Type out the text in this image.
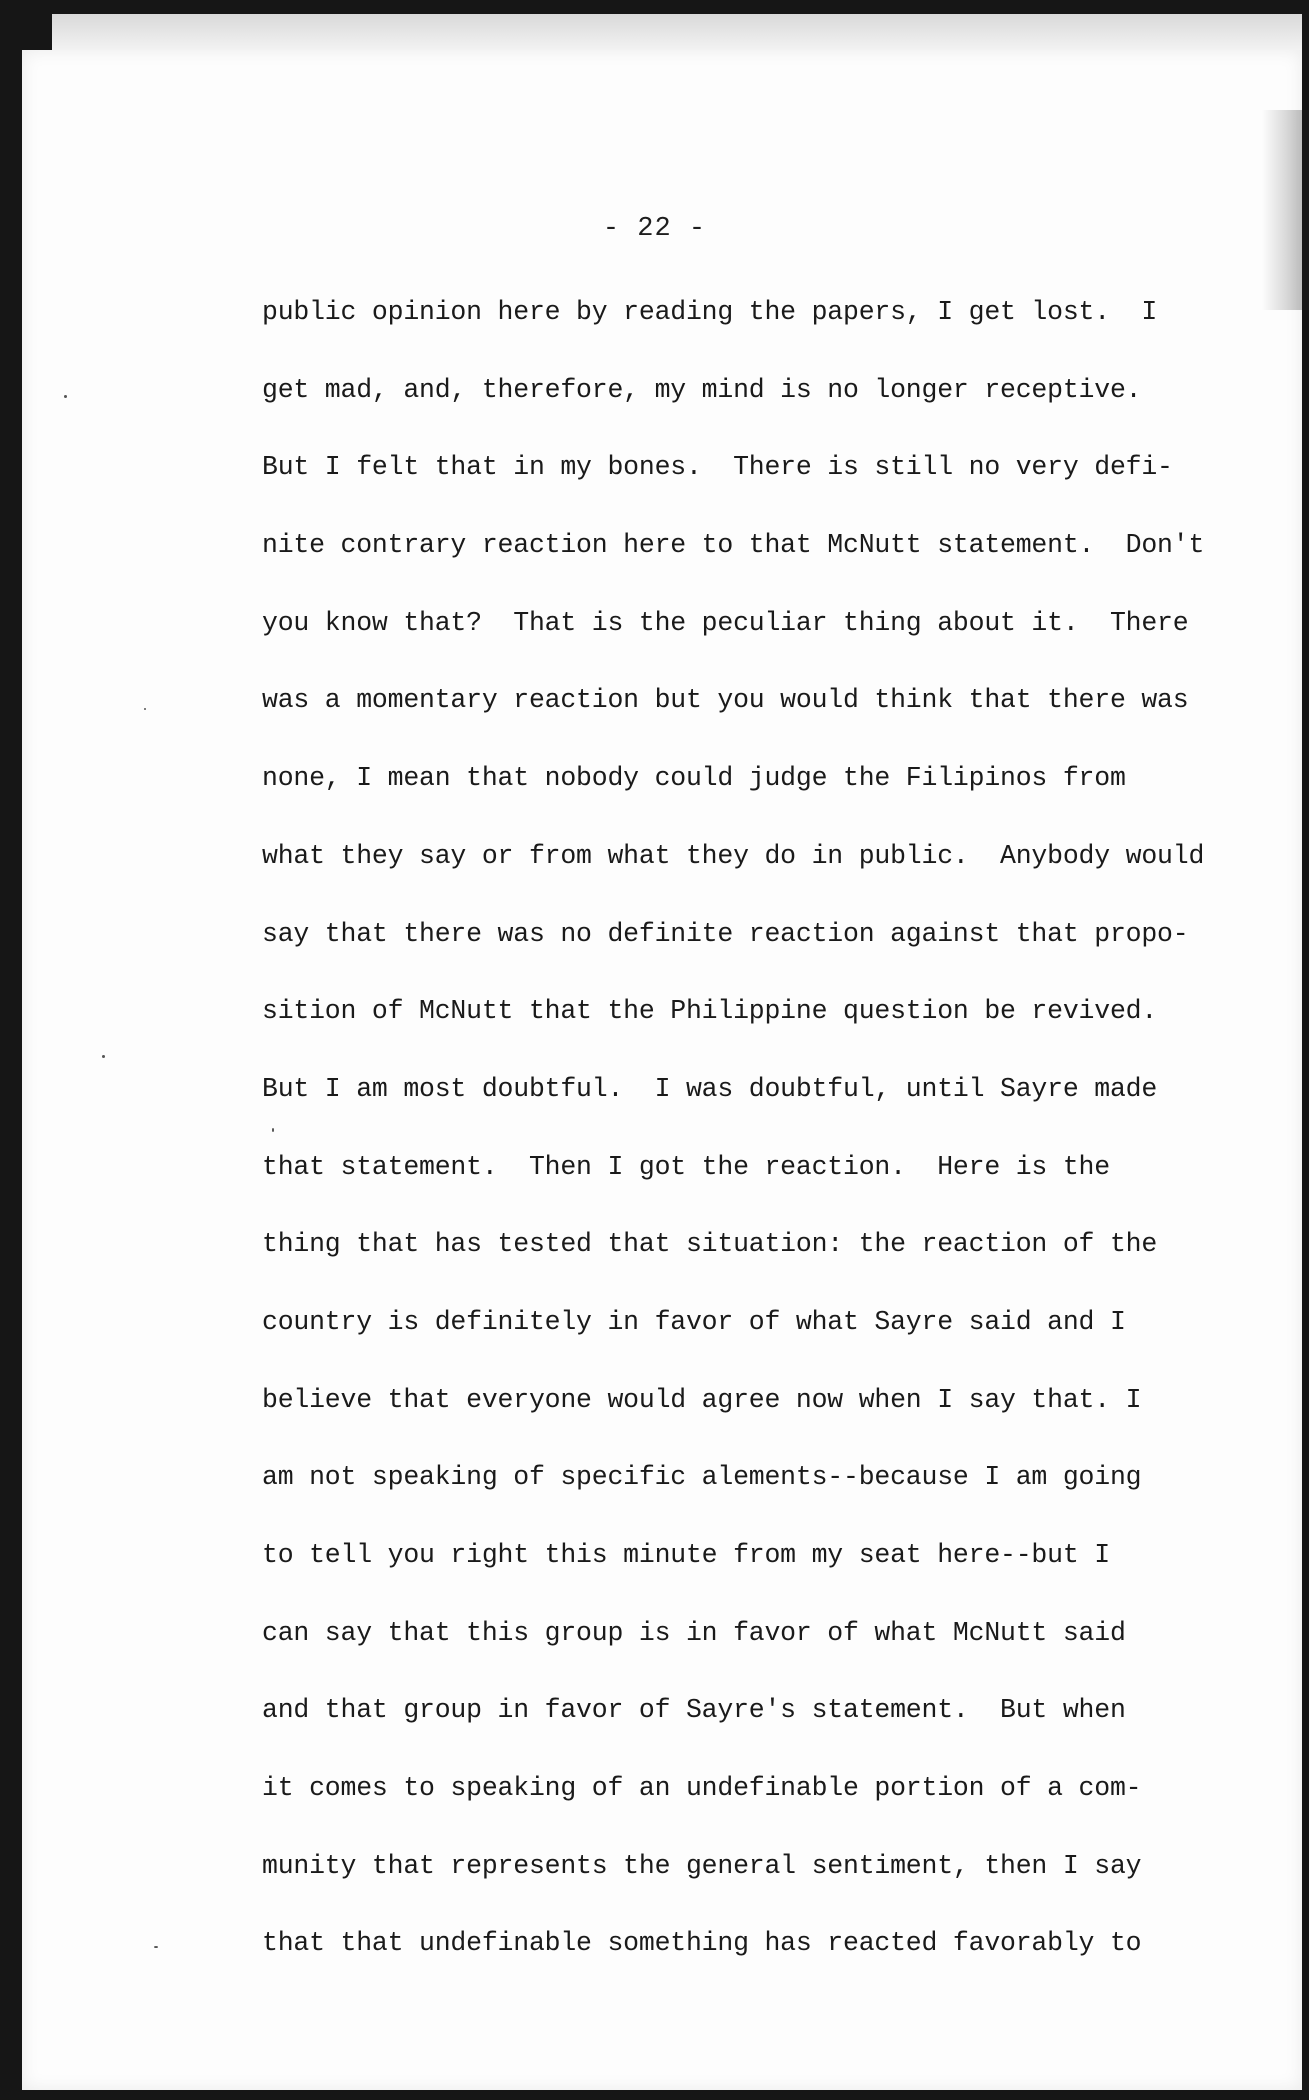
- 22 -
public opinion here by reading the papers, I get lost.  I
get mad, and, therefore, my mind is no longer receptive.
But I felt that in my bones.  There is still no very defi-
nite contrary reaction here to that McNutt statement.  Don't
you know that?  That is the peculiar thing about it.  There
was a momentary reaction but you would think that there was
none, I mean that nobody could judge the Filipinos from
what they say or from what they do in public.  Anybody would
say that there was no definite reaction against that propo-
sition of McNutt that the Philippine question be revived.
But I am most doubtful.  I was doubtful, until Sayre made
that statement.  Then I got the reaction.  Here is the
thing that has tested that situation: the reaction of the
country is definitely in favor of what Sayre said and I
believe that everyone would agree now when I say that. I
am not speaking of specific alements--because I am going
to tell you right this minute from my seat here--but I
can say that this group is in favor of what McNutt said
and that group in favor of Sayre's statement.  But when
it comes to speaking of an undefinable portion of a com-
munity that represents the general sentiment, then I say
that that undefinable something has reacted favorably to
